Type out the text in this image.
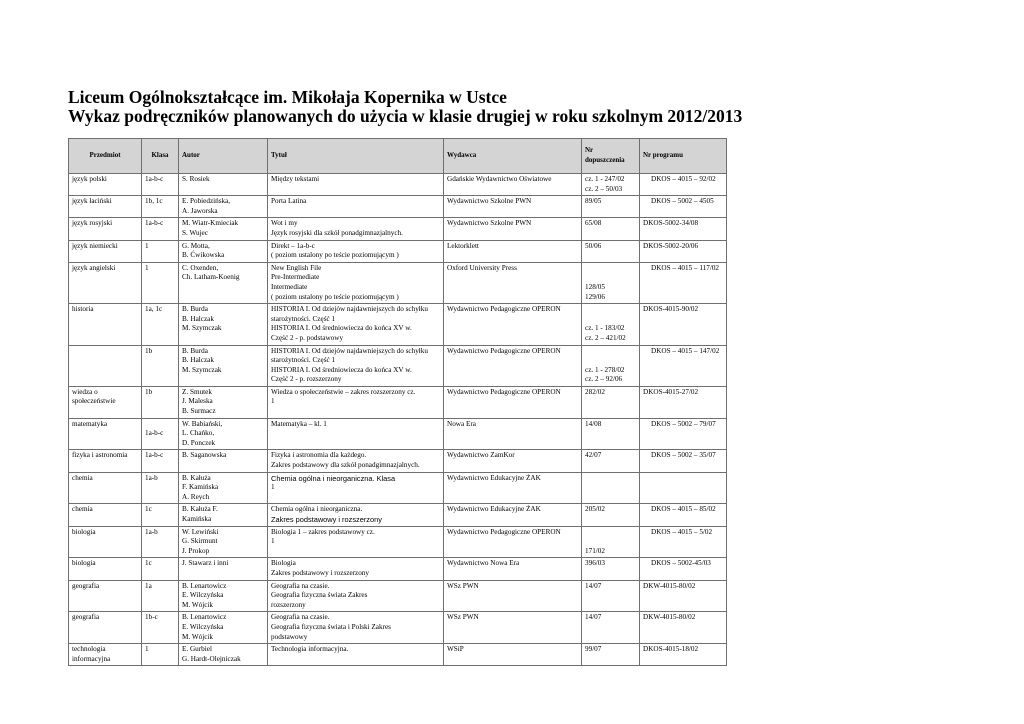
Liceum Ogólnokształcące im. Mikołaja Kopernika w Ustce
Wykaz podręczników planowanych do użycia w klasie drugiej w roku szkolnym 2012/2013
Przedmiot	Klasa	Autor	Tytuł	Wydawca	Nr
dopuszczenia	Nr programu

język polski	1a-b-c	S. Rosiek	Między tekstami	Gdańskie Wydawnictwo Oświatowe	cz. 1 - 247/02
cz. 2 – 50/03	DKOS – 4015 – 92/02

język łaciński	1b, 1c	E. Pobiedzińska,
A. Jaworska	Porta Latina	Wydawnictwo Szkolne PWN	89/05	DKOS – 5002 – 4505

język rosyjski	1a-b-c	M. Wiatr-Kmieciak
S. Wujec	Wot i my
Język rosyjski dla szkół ponadgimnazjalnych.	Wydawnictwo Szkolne PWN	65/08	DKOS-5002-34/08

język niemiecki	1	G. Motta,
B. Ćwikowska	Direkt – 1a-b-c
( poziom ustalony po teście poziomującym )	Lektorklett	50/06	DKOS-5002-20/06

język angielski	1	C. Oxenden,
Ch. Latham-Koenig	New English File
Pre-Intermediate
Intermediate
( poziom ustalony po teście poziomującym )	Oxford University Press	128/05
129/06	DKOS – 4015 – 117/02

historia	1a, 1c	B. Burda
B. Halczak
M. Szymczak	HISTORIA I. Od dziejów najdawniejszych do schyłku
starożytności. Część 1
HISTORIA I. Od średniowiecza do końca XV w.
Część 2 - p. podstawowy	Wydawnictwo Pedagogiczne OPERON	cz. 1 - 183/02
cz. 2 – 421/02	DKOS-4015-90/02

	1b	B. Burda
B. Halczak
M. Szymczak	HISTORIA I. Od dziejów najdawniejszych do schyłku
starożytności. Część 1
HISTORIA I. Od średniowiecza do końca XV w.
Część 2 - p. rozszerzony	Wydawnictwo Pedagogiczne OPERON	cz. 1 - 278/02
cz. 2 – 92/06	DKOS – 4015 – 147/02

wiedza o
społeczeństwie	1b	Z. Smutek
J. Maleska
B. Surmacz	Wiedza o społeczeństwie – zakres rozszerzony cz.
1	Wydawnictwo Pedagogiczne OPERON	282/02	DKOS-4015-27/02

matematyka	1a-b-c	W. Babiański,
L. Chańko,
D. Ponczek	Matematyka – kl. 1	Nowa Era	14/08	DKOS – 5002 – 79/07

fizyka i astronomia	1a-b-c	B. Saganowska	Fizyka i astronomia dla każdego.
Zakres podstawowy dla szkół ponadgimnazjalnych.	Wydawnictwo ZamKor	42/07	DKOS – 5002 – 35/07

chemia	1a-b	B. Kałuża
F. Kamińska
A. Reych	Chemia ogólna i nieorganiczna. Klasa
1	Wydawnictwo Edukacyjne ŻAK		

chemia	1c	B. Kałuża F.
Kamińska	Chemia ogólna i nieorganiczna.
Zakres podstawowy i rozszerzony	Wydawnictwo Edukacyjne ŻAK	205/02	DKOS – 4015 – 85/02

biologia	1a-b	W. Lewiński
G. Skirmunt
J. Prokop	Biologia 1 – zakres podstawowy cz.
1	Wydawnictwo Pedagogiczne OPERON	171/02	DKOS – 4015 – 5/02

biologia	1c	J. Stawarz i inni	Biologia
Zakres podstawowy i rozszerzony	Wydawnictwo Nowa Era	396/03	DKOS – 5002-45/03

geografia	1a	B. Lenartowicz
E. Wilczyńska
M. Wójcik	Geografia na czasie.
Geografia fizyczna świata Zakres
rozszerzony	WSz PWN	14/07	DKW-4015-80/02

geografia	1b-c	B. Lenartowicz
E. Wilczyńska
M. Wójcik	Geografia na czasie.
Geografia fizyczna świata i Polski Zakres
podstawowy	WSz PWN	14/07	DKW-4015-80/02

technologia
informacyjna	1	E. Gurbiel
G. Hardt-Olejniczak	Technologia informacyjna.	WSiP	99/07	DKOS-4015-18/02
